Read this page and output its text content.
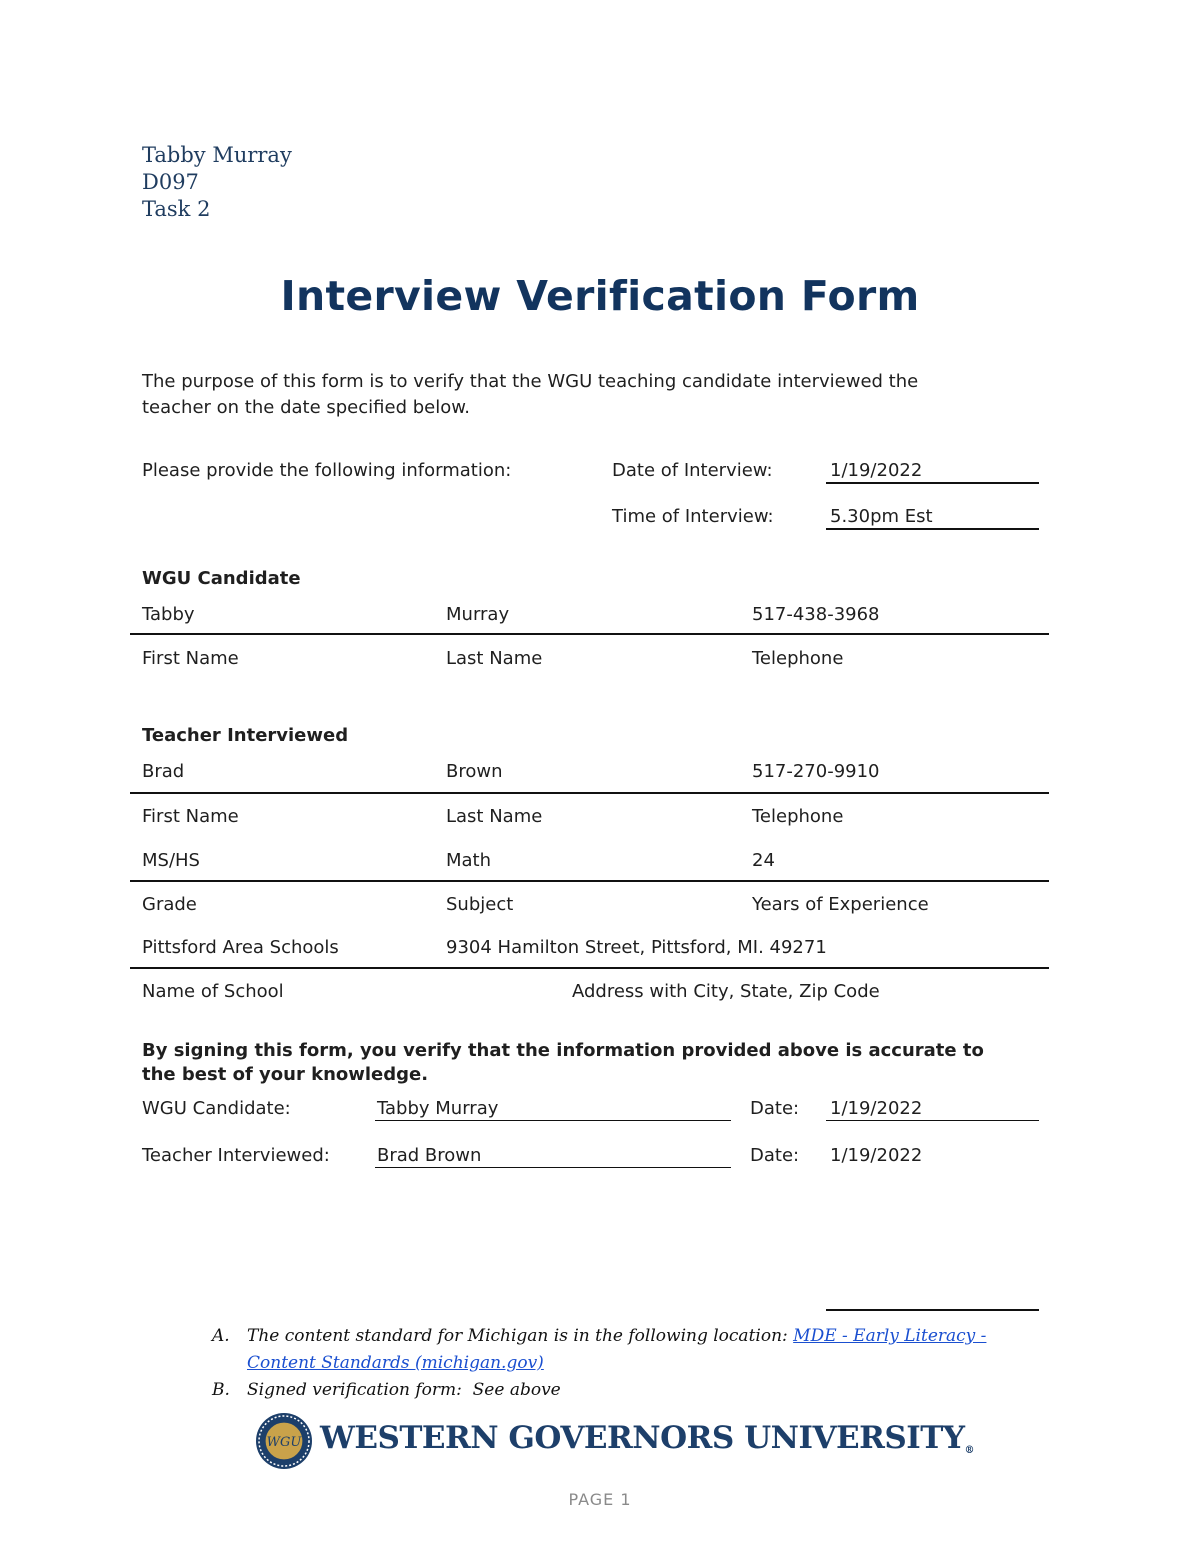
Tabby Murray
D097
Task 2
Interview Verification Form
The purpose of this form is to verify that the WGU teaching candidate interviewed the
teacher on the date specified below.
Please provide the following information:	Date of Interview:	1/19/2022
Time of Interview:	5.30pm Est
WGU Candidate
Tabby	Murray	517-438-3968
First Name	Last Name	Telephone
Teacher Interviewed
Brad	Brown	517-270-9910
First Name	Last Name	Telephone
MS/HS	Math	24
Grade	Subject	Years of Experience
Pittsford Area Schools	9304 Hamilton Street, Pittsford, MI. 49271
Name of School	Address with City, State, Zip Code
By signing this form, you verify that the information provided above is accurate to
the best of your knowledge.
WGU Candidate:	Tabby Murray	Date: 1/19/2022
Teacher Interviewed:	Brad Brown	Date: 1/19/2022
A. The content standard for Michigan is in the following location: MDE - Early Literacy -
Content Standards (michigan.gov)
B. Signed verification form: See above
WGU WESTERN GOVERNORS UNIVERSITY®
PAGE 1
